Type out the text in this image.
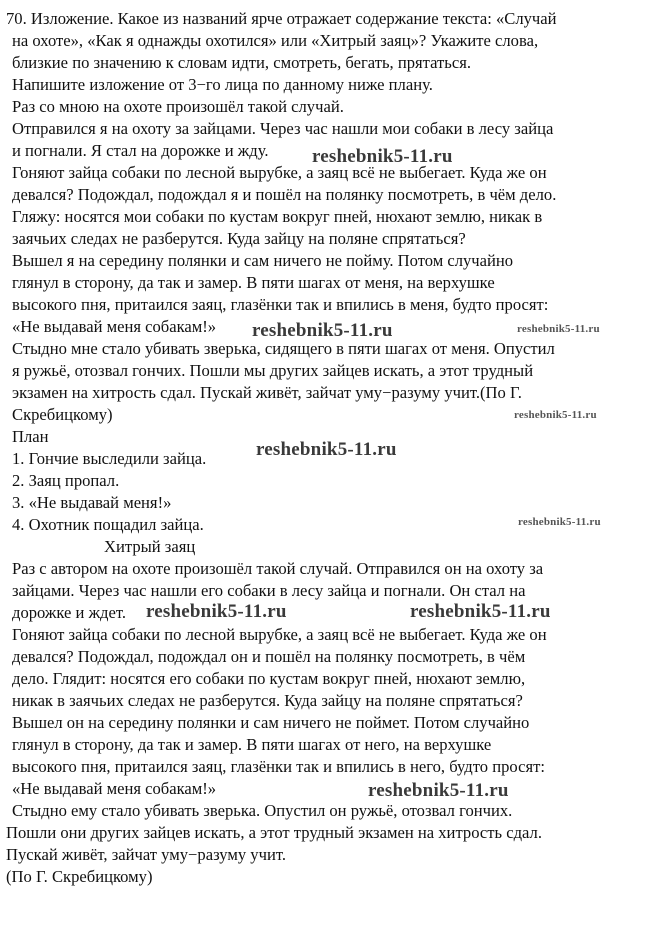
70. Изложение. Какое из названий ярче отражает содержание текста: «Случай
на охоте», «Как я однажды охотился» или «Хитрый заяц»? Укажите слова,
близкие по значению к словам идти, смотреть, бегать, прятаться.
Напишите изложение от 3−го лица по данному ниже плану.
Раз со мною на охоте произошёл такой случай.
Отправился я на охоту за зайцами. Через час нашли мои собаки в лесу зайца
и погнали. Я стал на дорожке и жду.
Гоняют зайца собаки по лесной вырубке, а заяц всё не выбегает. Куда же он
девался? Подождал, подождал я и пошёл на полянку посмотреть, в чём дело.
Гляжу: носятся мои собаки по кустам вокруг пней, нюхают землю, никак в
заячьих следах не разберутся. Куда зайцу на поляне спрятаться?
Вышел я на середину полянки и сам ничего не пойму. Потом случайно
глянул в сторону, да так и замер. В пяти шагах от меня, на верхушке
высокого пня, притаился заяц, глазёнки так и впились в меня, будто просят:
«Не выдавай меня собакам!»
Стыдно мне стало убивать зверька, сидящего в пяти шагах от меня. Опустил
я ружьё, отозвал гончих. Пошли мы других зайцев искать, а этот трудный
экзамен на хитрость сдал. Пускай живёт, зайчат уму−разуму учит.(По Г.
Скребицкому)
План
1. Гончие выследили зайца.
2. Заяц пропал.
3. «Не выдавай меня!»
4. Охотник пощадил зайца.
Хитрый заяц
Раз с автором на охоте произошёл такой случай. Отправился он на охоту за
зайцами. Через час нашли его собаки в лесу зайца и погнали. Он стал на
дорожке и ждет.
Гоняют зайца собаки по лесной вырубке, а заяц всё не выбегает. Куда же он
девался? Подождал, подождал он и пошёл на полянку посмотреть, в чём
дело. Глядит: носятся его собаки по кустам вокруг пней, нюхают землю,
никак в заячьих следах не разберутся. Куда зайцу на поляне спрятаться?
Вышел он на середину полянки и сам ничего не поймет. Потом случайно
глянул в сторону, да так и замер. В пяти шагах от него, на верхушке
высокого пня, притаился заяц, глазёнки так и впились в него, будто просят:
«Не выдавай меня собакам!»
Стыдно ему стало убивать зверька. Опустил он ружьё, отозвал гончих.
Пошли они других зайцев искать, а этот трудный экзамен на хитрость сдал.
Пускай живёт, зайчат уму−разуму учит.
(По Г. Скребицкому)
reshebnik5-11.ru
reshebnik5-11.ru
reshebnik5-11.ru
reshebnik5-11.ru
reshebnik5-11.ru
reshebnik5-11.ru
reshebnik5-11.ru	reshebnik5-11.ru
reshebnik5-11.ru
